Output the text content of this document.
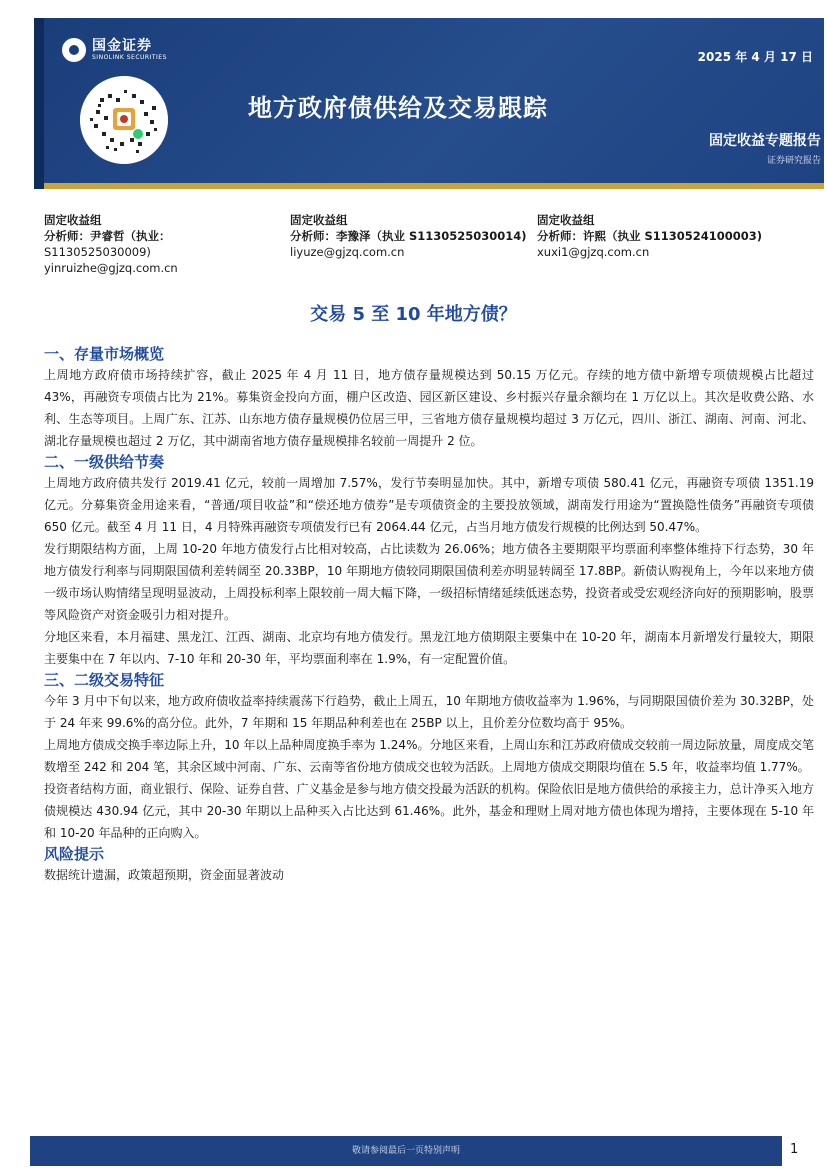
国金证券
SINOLINK SECURITIES	2025 年 4 月 17 日
地方政府债供给及交易跟踪
固定收益专题报告
证券研究报告
固定收益组
分析师：尹睿哲（执业：
S1130525030009)
yinruizhe@gjzq.com.cn
固定收益组
分析师：李豫泽（执业 S1130525030014)
liyuze@gjzq.com.cn
固定收益组
分析师：许熙（执业 S1130524100003)
xuxi1@gjzq.com.cn
交易 5 至 10 年地方债？
一、存量市场概览

上周地方政府债市场持续扩容，截止 2025 年 4 月 11 日，地方债存量规模达到 50.15 万亿元。存续的地方债中新增专项债规模占比超过 43%，再融资专项债占比为 21%。募集资金投向方面，棚户区改造、园区新区建设、乡村振兴存量余额均在 1 万亿以上。其次是收费公路、水利、生态等项目。上周广东、江苏、山东地方债存量规模仍位居三甲，三省地方债存量规模均超过 3 万亿元，四川、浙江、湖南、河南、河北、湖北存量规模也超过 2 万亿，其中湖南省地方债存量规模排名较前一周提升 2 位。

二、一级供给节奏

上周地方政府债共发行 2019.41 亿元，较前一周增加 7.57%，发行节奏明显加快。其中，新增专项债 580.41 亿元，再融资专项债 1351.19 亿元。分募集资金用途来看，“普通/项目收益”和“偿还地方债券”是专项债资金的主要投放领域，湖南发行用途为“置换隐性债务”再融资专项债 650 亿元。截至 4 月 11 日，4 月特殊再融资专项债发行已有 2064.44 亿元，占当月地方债发行规模的比例达到 50.47%。

发行期限结构方面，上周 10-20 年地方债发行占比相对较高，占比读数为 26.06%；地方债各主要期限平均票面利率整体维持下行态势，30 年地方债发行利率与同期限国债利差转阔至 20.33BP，10 年期地方债较同期限国债利差亦明显转阔至 17.8BP。新债认购视角上，今年以来地方债一级市场认购情绪呈现明显波动，上周投标利率上限较前一周大幅下降，一级招标情绪延续低迷态势，投资者或受宏观经济向好的预期影响，股票等风险资产对资金吸引力相对提升。

分地区来看，本月福建、黑龙江、江西、湖南、北京均有地方债发行。黑龙江地方债期限主要集中在 10-20 年，湖南本月新增发行量较大，期限主要集中在 7 年以内、7-10 年和 20-30 年，平均票面利率在 1.9%，有一定配置价值。

三、二级交易特征

今年 3 月中下旬以来，地方政府债收益率持续震荡下行趋势，截止上周五，10 年期地方债收益率为 1.96%，与同期限国债价差为 30.32BP，处于 24 年来 99.6%的高分位。此外，7 年期和 15 年期品种利差也在 25BP 以上，且价差分位数均高于 95%。

上周地方债成交换手率边际上升，10 年以上品种周度换手率为 1.24%。分地区来看，上周山东和江苏政府债成交较前一周边际放量，周度成交笔数增至 242 和 204 笔，其余区域中河南、广东、云南等省份地方债成交也较为活跃。上周地方债成交期限均值在 5.5 年，收益率均值 1.77%。

投资者结构方面，商业银行、保险、证券自营、广义基金是参与地方债交投最为活跃的机构。保险依旧是地方债供给的承接主力，总计净买入地方债规模达 430.94 亿元，其中 20-30 年期以上品种买入占比达到 61.46%。此外，基金和理财上周对地方债也体现为增持，主要体现在 5-10 年和 10-20 年品种的正向购入。

风险提示

数据统计遗漏，政策超预期，资金面显著波动

敬请参阅最后一页特别声明	1
